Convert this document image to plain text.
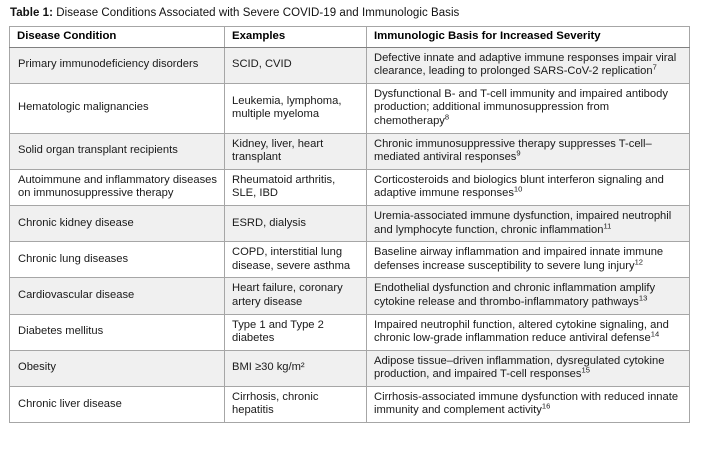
Table 1: Disease Conditions Associated with Severe COVID-19 and Immunologic Basis

Disease Condition	Examples	Immunologic Basis for Increased Severity
Primary immunodeficiency disorders	SCID, CVID	Defective innate and adaptive immune responses impair viral clearance, leading to prolonged SARS-CoV-2 replication$^7$
Hematologic malignancies	Leukemia, lymphoma, multiple myeloma	Dysfunctional B- and T-cell immunity and impaired antibody production; additional immunosuppression from chemotherapy$^8$
Solid organ transplant recipients	Kidney, liver, heart transplant	Chronic immunosuppressive therapy suppresses T-cell–mediated antiviral responses$^9$
Autoimmune and inflammatory diseases on immunosuppressive therapy	Rheumatoid arthritis, SLE, IBD	Corticosteroids and biologics blunt interferon signaling and adaptive immune responses$^{10}$
Chronic kidney disease	ESRD, dialysis	Uremia-associated immune dysfunction, impaired neutrophil and lymphocyte function, chronic inflammation$^{11}$
Chronic lung diseases	COPD, interstitial lung disease, severe asthma	Baseline airway inflammation and impaired innate immune defenses increase susceptibility to severe lung injury$^{12}$
Cardiovascular disease	Heart failure, coronary artery disease	Endothelial dysfunction and chronic inflammation amplify cytokine release and thrombo-inflammatory pathways$^{13}$
Diabetes mellitus	Type 1 and Type 2 diabetes	Impaired neutrophil function, altered cytokine signaling, and chronic low-grade inflammation reduce antiviral defense$^{14}$
Obesity	BMI ≥30 kg/m²	Adipose tissue–driven inflammation, dysregulated cytokine production, and impaired T-cell responses$^{15}$
Chronic liver disease	Cirrhosis, chronic hepatitis	Cirrhosis-associated immune dysfunction with reduced innate immunity and complement activity$^{16}$
